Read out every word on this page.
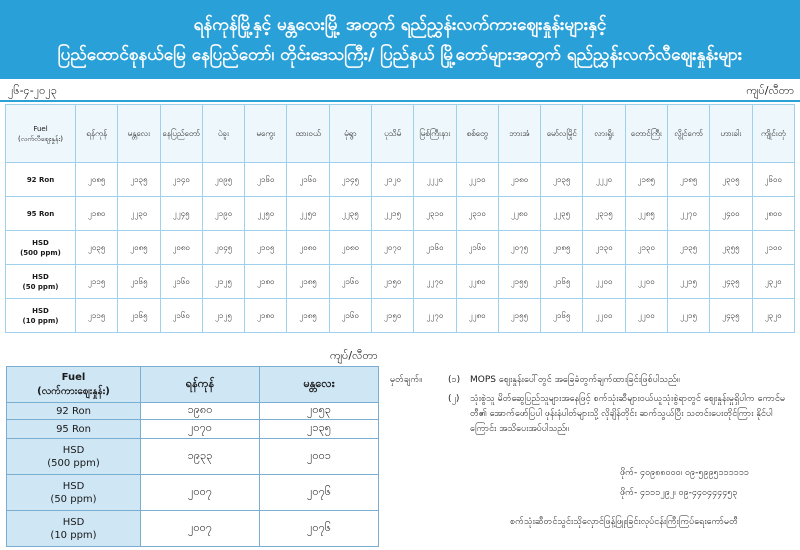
ရန်ကုန်မြို့နှင့် မန္တလေးမြို့ အတွက် ရည်ညွှန်းလက်ကားဈေးနှုန်းများနှင့်
ပြည်ထောင်စုနယ်မြေ နေပြည်တော်၊ တိုင်းဒေသကြီး/ ပြည်နယ် မြို့တော်များအတွက် ရည်ညွှန်းလက်လီဈေးနှုန်းများ
၂၆-၄-၂၀၂၃	ကျပ်/လီတာ
Fuel
(လက်လီဈေးနှုန်း)	ရန်ကုန်	မန္တလေး	နေပြည်တော်	ပဲခူး	မကွေး	ထားဝယ်	မုံရွာ	ပုသိမ်	မြစ်ကြီးနား	စစ်တွေ	ဘားအံ	မော်လမြိုင်	လားရှိုး	တောင်ကြီး	လွိုင်ကော်	ဟားခါး	ကျိုင်းတုံ

92 Ron	၂၀၈၅	၂၁၃၅	၂၁၄၀	၂၀၉၅	၂၁၆၀	၂၁၆၀	၂၁၄၅	၂၁၂၀	၂၂၂၀	၂၂၁၀	၂၁၈၀	၂၁၃၅	၂၂၂၀	၂၁၈၅	၂၁၈၅	၂၃၀၅	၂၆၀၀

95 Ron	၂၁၈၀	၂၂၃၀	၂၂၄၅	၂၁၉၀	၂၂၅၀	၂၂၅၀	၂၂၃၅	၂၂၁၅	၂၃၁၀	၂၃၁၀	၂၂၈၀	၂၂၃၅	၂၃၁၅	၂၂၈၅	၂၂၇၀	၂၄၀၀	၂၈၀၀

HSD
(500 ppm)	၂၀၃၅	၂၀၈၅	၂၀၈၀	၂၀၄၅	၂၁၀၅	၂၀၈၀	၂၀၈၀	၂၀၇၀	၂၁၆၀	၂၁၆၀	၂၀၇၅	၂၀၈၅	၂၁၃၀	၂၁၃၀	၂၁၃၅	၂၃၅၅	၂၁၀၀

HSD
(50 ppm)	၂၁၁၅	၂၁၆၅	၂၁၆၀	၂၁၂၅	၂၁၈၀	၂၁၈၅	၂၁၆၀	၂၁၅၀	၂၂၇၀	၂၂၈၀	၂၁၅၅	၂၁၆၅	၂၂၀၀	၂၂၀၀	၂၂၁၅	၂၄၃၅	၂၃၂၀

HSD
(10 ppm)	၂၁၁၅	၂၁၆၅	၂၁၆၀	၂၁၂၅	၂၁၈၀	၂၁၈၅	၂၁၆၀	၂၁၅၀	၂၂၇၀	၂၂၈၀	၂၁၅၅	၂၁၆၅	၂၂၀၀	၂၂၀၀	၂၂၁၅	၂၄၃၅	၂၃၂၀
ကျပ်/လီတာ
Fuel
(လက်ကားဈေးနှုန်း)	ရန်ကုန်	မန္တလေး

92 Ron	၁၉၈၀	၂၀၅၃

95 Ron	၂၀၇၀	၂၁၃၅

HSD
(500 ppm)	၁၉၃၃	၂၀၀၁

HSD
(50 ppm)	၂၀၀၇	၂၀၇၆

HSD
(10 ppm)	၂၀၀၇	၂၀၇၆
မှတ်ချက်။	(၁) MOPS ဈေးနှုန်းပေါ်တွင် အခြေခံတွက်ချက်ထားခြင်းဖြစ်ပါသည်။
(၂) သုံးစွဲသူ မိတ်ဆွေပြည်သူများအနေဖြင့် စက်သုံးဆီများဝယ်ယူသုံးစွဲရာတွင် ဈေးနှုန်းမှုရှိပါက ကောင်မတီ၏ အောက်ဖော်ပြပါ ဖုန်းနံပါတ်များသို့ လိုချိန်တိုင်း ဆက်သွယ်ပြီး သတင်းပေးတိုင်ကြား နိုင်ပါကြောင်း အသိပေးအပ်ပါသည်။
ဖိုက်- ၄၀၉၈၈၀၀၀၊ ၀၉-၅၉၉၅၁၁၁၁၁၁
ဖိုက်- ၄၁၁၁၂၉၂၊ ၀၉-၄၄၀၄၄၄၄၅၃
စက်သုံးဆီတင်သွင်းသိုလှောင်ဖြန့်ဖြူးခြင်းလုပ်ငန်းကြီးကြပ်ရေးကော်မတီ
